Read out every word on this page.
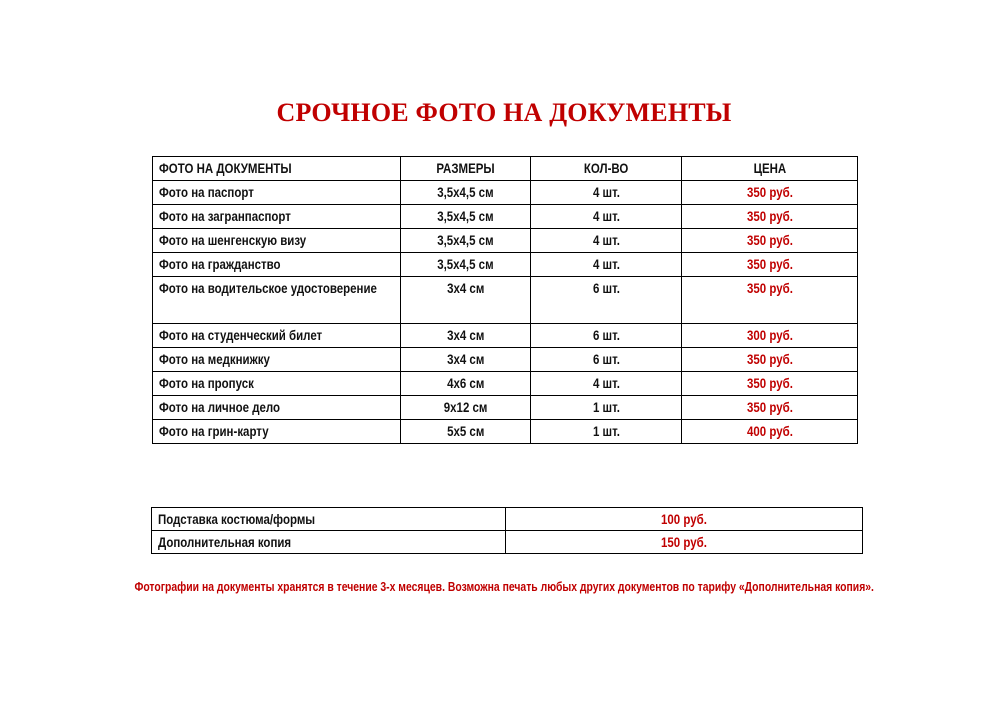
СРОЧНОЕ ФОТО НА ДОКУМЕНТЫ
ФОТО НА ДОКУМЕНТЫ	РАЗМЕРЫ	КОЛ-ВО	ЦЕНА
Фото на паспорт	3,5х4,5 см	4 шт.	350 руб.
Фото на загранпаспорт	3,5х4,5 см	4 шт.	350 руб.
Фото на шенгенскую визу	3,5х4,5 см	4 шт.	350 руб.
Фото на гражданство	3,5х4,5 см	4 шт.	350 руб.
Фото на водительское удостоверение	3х4 см	6 шт.	350 руб.
Фото на студенческий билет	3х4 см	6 шт.	300 руб.
Фото на медкнижку	3х4 см	6 шт.	350 руб.
Фото на пропуск	4х6 см	4 шт.	350 руб.
Фото на личное дело	9х12 см	1 шт.	350 руб.
Фото на грин-карту	5х5 см	1 шт.	400 руб.
Подставка костюма/формы	100 руб.
Дополнительная копия	150 руб.
Фотографии на документы хранятся в течение 3-х месяцев. Возможна печать любых других документов по тарифу «Дополнительная копия».
